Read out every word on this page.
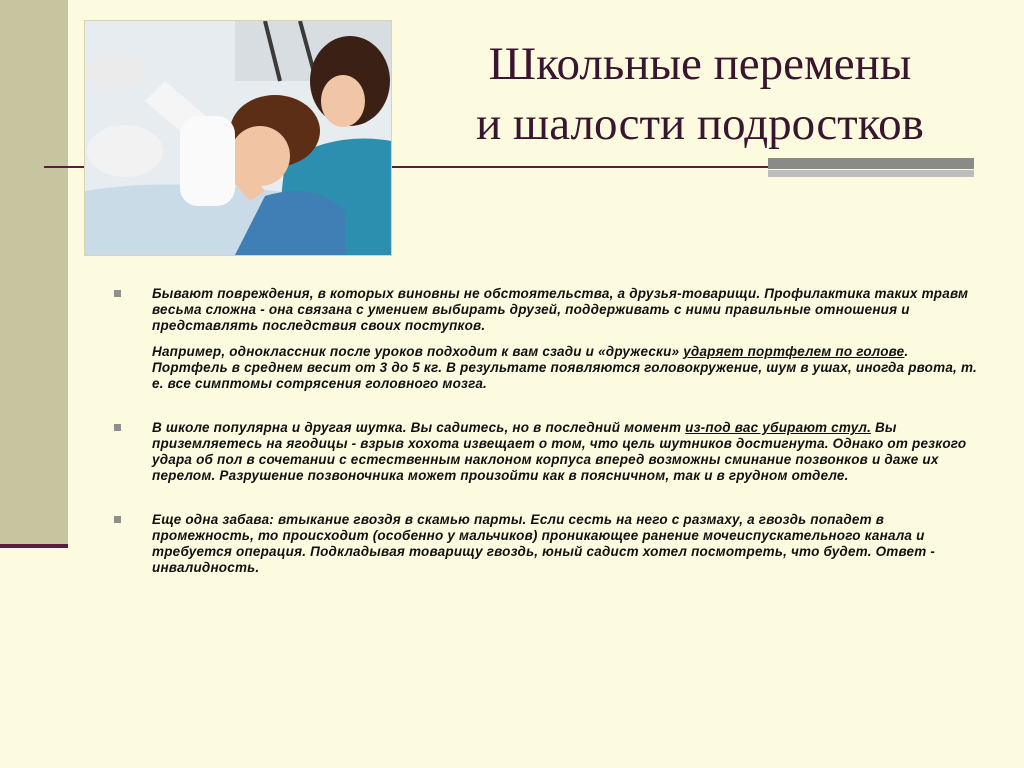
Школьные перемены
и шалости подростков
Бывают повреждения, в которых виновны не обстоятельства, а друзья-товарищи. Профилактика таких травм весьма сложна - она связана с умением выбирать друзей, поддерживать с ними правильные отношения и представлять последствия своих поступков.
Например, одноклассник после уроков подходит к вам сзади и «дружески» ударяет портфелем по голове. Портфель в среднем весит от 3 до 5 кг. В результате появляются головокружение, шум в ушах, иногда рвота, т. е. все симптомы сотрясения головного мозга.
В школе популярна и другая шутка. Вы садитесь, но в последний момент из-под вас убирают стул. Вы приземляетесь на ягодицы - взрыв хохота извещает о том, что цель шутников достигнута. Однако от резкого удара об пол в сочетании с естественным наклоном корпуса вперед возможны сминание позвонков и даже их перелом. Разрушение позвоночника может произойти как в поясничном, так и в грудном отделе.
Еще одна забава: втыкание гвоздя в скамью парты. Если сесть на него с размаху, а гвоздь попадет в промежность, то происходит (особенно у мальчиков) проникающее ранение мочеиспускательного канала и требуется операция. Подкладывая товарищу гвоздь, юный садист хотел посмотреть, что будет. Ответ - инвалидность.
